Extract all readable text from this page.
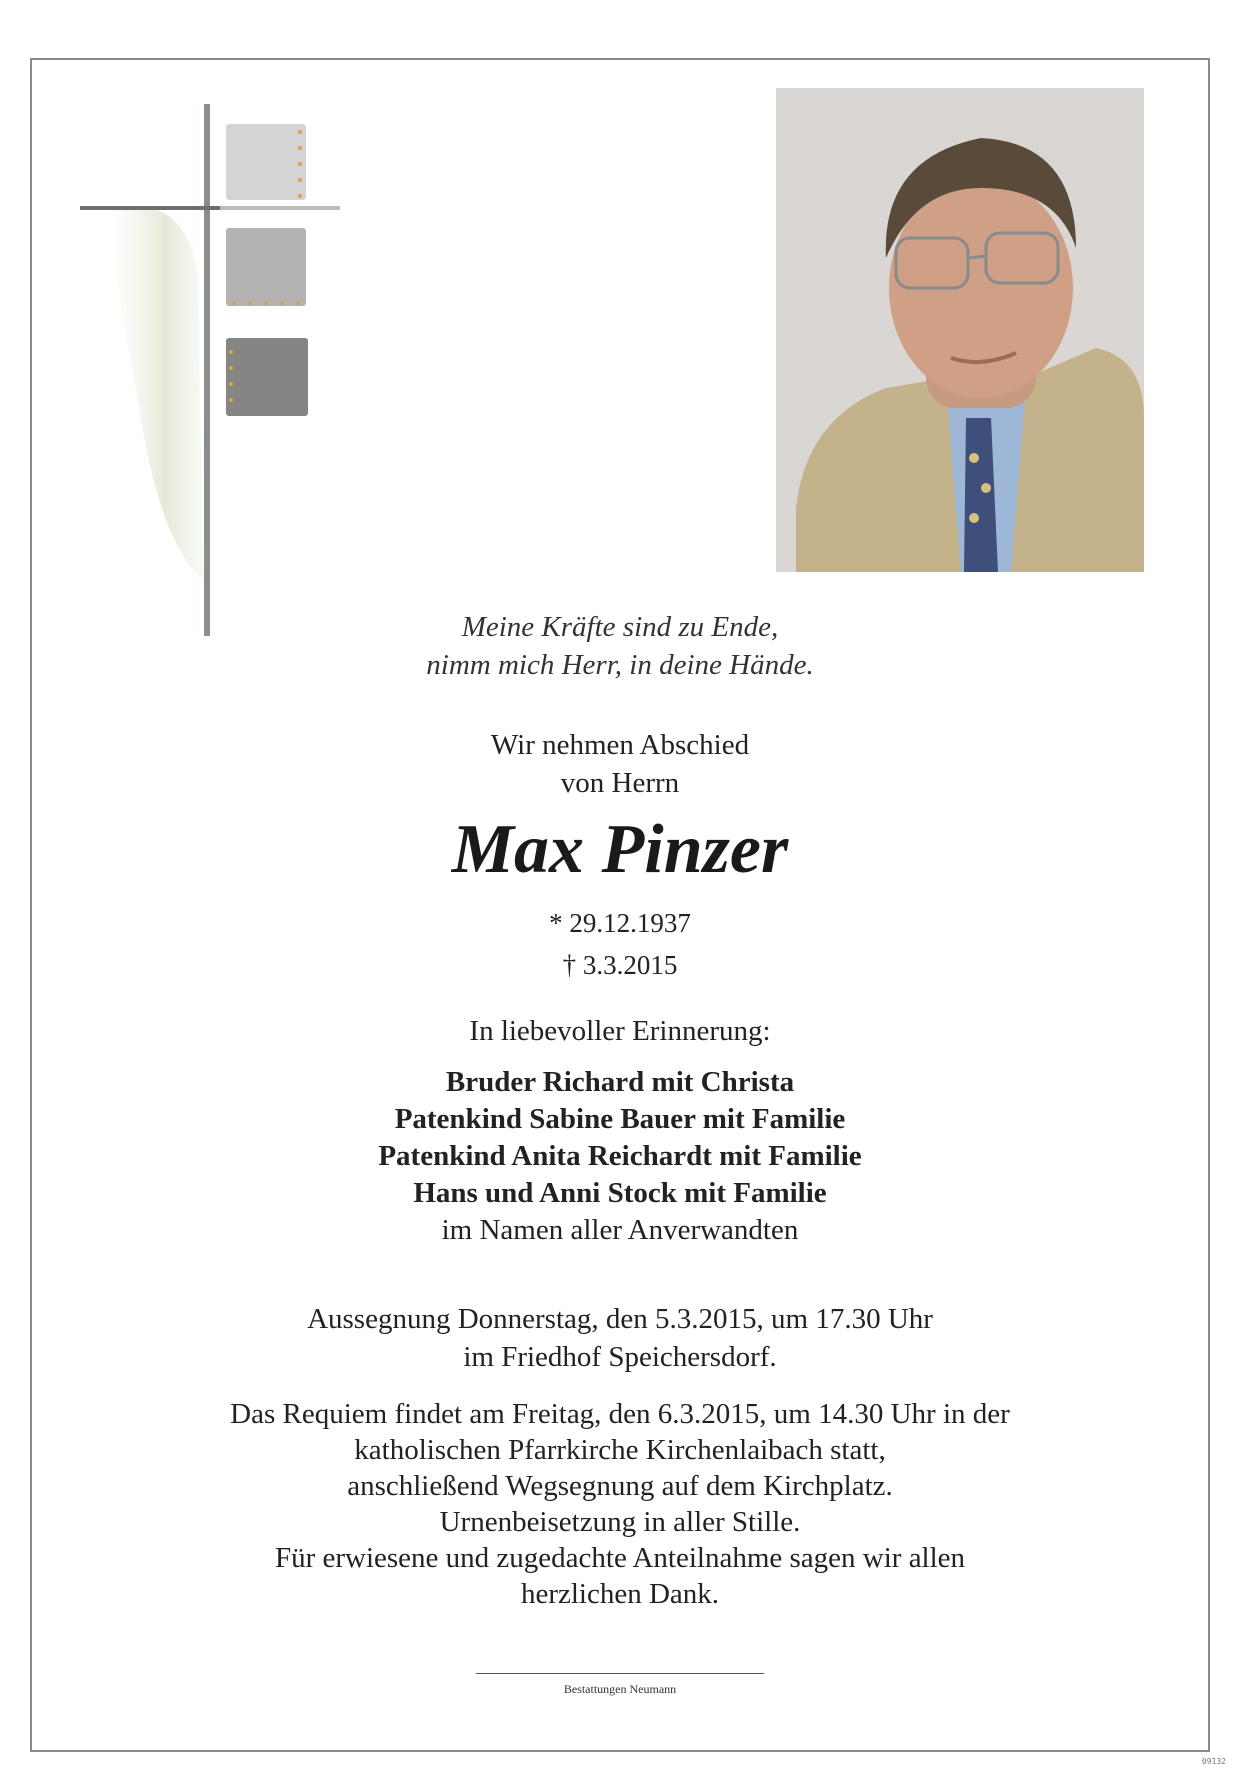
Meine Kräfte sind zu Ende,
nimm mich Herr, in deine Hände.
Wir nehmen Abschied
von Herrn
Max Pinzer
* 29.12.1937
† 3.3.2015
In liebevoller Erinnerung:
Bruder Richard mit Christa
Patenkind Sabine Bauer mit Familie
Patenkind Anita Reichardt mit Familie
Hans und Anni Stock mit Familie
im Namen aller Anverwandten
Aussegnung Donnerstag, den 5.3.2015, um 17.30 Uhr
im Friedhof Speichersdorf.
Das Requiem findet am Freitag, den 6.3.2015, um 14.30 Uhr in der
katholischen Pfarrkirche Kirchenlaibach statt,
anschließend Wegsegnung auf dem Kirchplatz.
Urnenbeisetzung in aller Stille.
Für erwiesene und zugedachte Anteilnahme sagen wir allen
herzlichen Dank.
Bestattungen Neumann
09132
